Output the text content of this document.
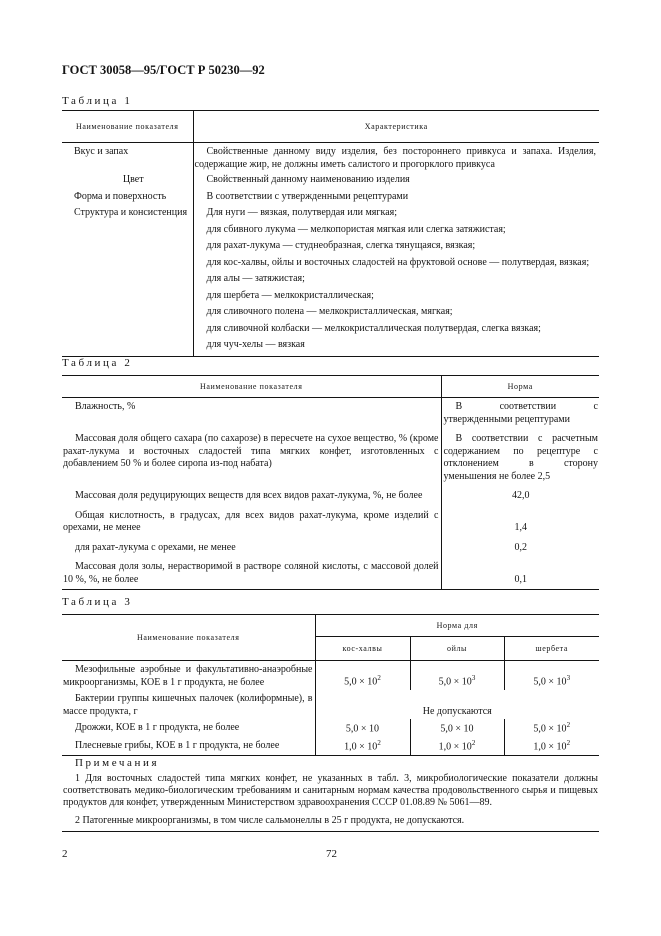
ГОСТ 30058—95/ГОСТ Р 50230—92
Таблица 1
Наименование показателя	Характеристика
Вкус и запах	Свойственные данному виду изделия, без постороннего привкуса и запаха. Изделия, содержащие жир, не должны иметь салистого и прогорклого привкуса
Цвет	Свойственный данному наименованию изделия
Форма и поверхность	В соответствии с утвержденными рецептурами
Структура и консистенция	Для нуги — вязкая, полутвердая или мягкая;
	для сбивного лукума — мелкопористая мягкая или слегка затяжистая;
	для рахат-лукума — студнеобразная, слегка тянущаяся, вязкая;
	для кос-халвы, ойлы и восточных сладостей на фруктовой основе — полутвердая, вязкая;
	для алы — затяжистая;
	для шербета — мелкокристаллическая;
	для сливочного полена — мелкокристаллическая, мягкая;
	для сливочной колбаски — мелкокристаллическая полутвердая, слегка вязкая;
	для чуч-хелы — вязкая
Таблица 2
Наименование показателя	Норма
Влажность, %	В соответствии с утвержденными рецептурами
Массовая доля общего сахара (по сахарозе) в пересчете на сухое вещество, % (кроме рахат-лукума и восточных сладостей типа мягких конфет, изготовленных с добавлением 50 % и более сиропа из-под набата)	В соответствии с расчетным содержанием по рецептуре с отклонением в сторону уменьшения не более 2,5
Массовая доля редуцирующих веществ для всех видов рахат-лукума, %, не более	42,0
Общая кислотность, в градусах, для всех видов рахат-лукума, кроме изделий с орехами, не менее	1,4
для рахат-лукума с орехами, не менее	0,2
Массовая доля золы, нерастворимой в растворе соляной кислоты, с массовой долей 10 %, %, не более	0,1
Таблица 3
Наименование показателя	Норма для		
	кос-халвы	ойлы	шербета
Мезофильные аэробные и факультативно-анаэробные микроорганизмы, КОЕ в 1 г продукта, не более	$5,0 \times 10^2$	$5,0 \times 10^3$	$5,0 \times 10^3$
Бактерии группы кишечных палочек (колиформные), в массе продукта, г	Не допускаются		
Дрожжи, КОЕ в 1 г продукта, не более	5,0 × 10	5,0 × 10	$5,0 \times 10^2$
Плесневые грибы, КОЕ в 1 г продукта, не более	$1,0 \times 10^2$	$1,0 \times 10^2$	$1,0 \times 10^2$

Примечания
1 Для восточных сладостей типа мягких конфет, не указанных в табл. 3, микробиологические показатели должны соответствовать медико-биологическим требованиям и санитарным нормам качества продовольственного сырья и пищевых продуктов для конфет, утвержденным Министерством здравоохранения СССР 01.08.89 № 5061—89.
2 Патогенные микроорганизмы, в том числе сальмонеллы в 25 г продукта, не допускаются.			
2	72
